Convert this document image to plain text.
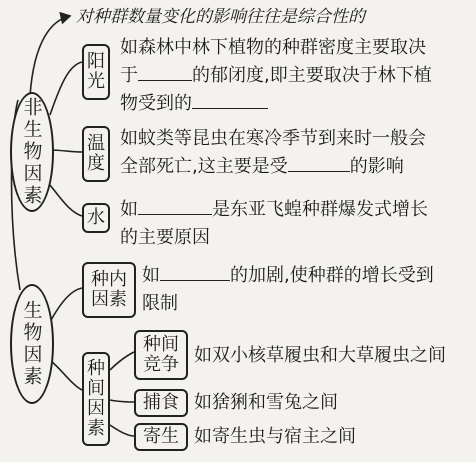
对种群数量变化的影响往往是综合性的
非生物因素
阳光
如森林中林下植物的种群密度主要取决
于	的郁闭度,即主要取决于林下植
物受到的
温度
如蚊类等昆虫在寒冷季节到来时一般会
全部死亡,这主要是受	的影响
水 如	是东亚飞蝗种群爆发式增长
的主要原因
生物因素
种内因素
如	的加剧,使种群的增长受到
限制
种间因素
种间竞争 如双小核草履虫和大草履虫之间
捕食 如猞猁和雪兔之间
寄生 如寄生虫与宿主之间
